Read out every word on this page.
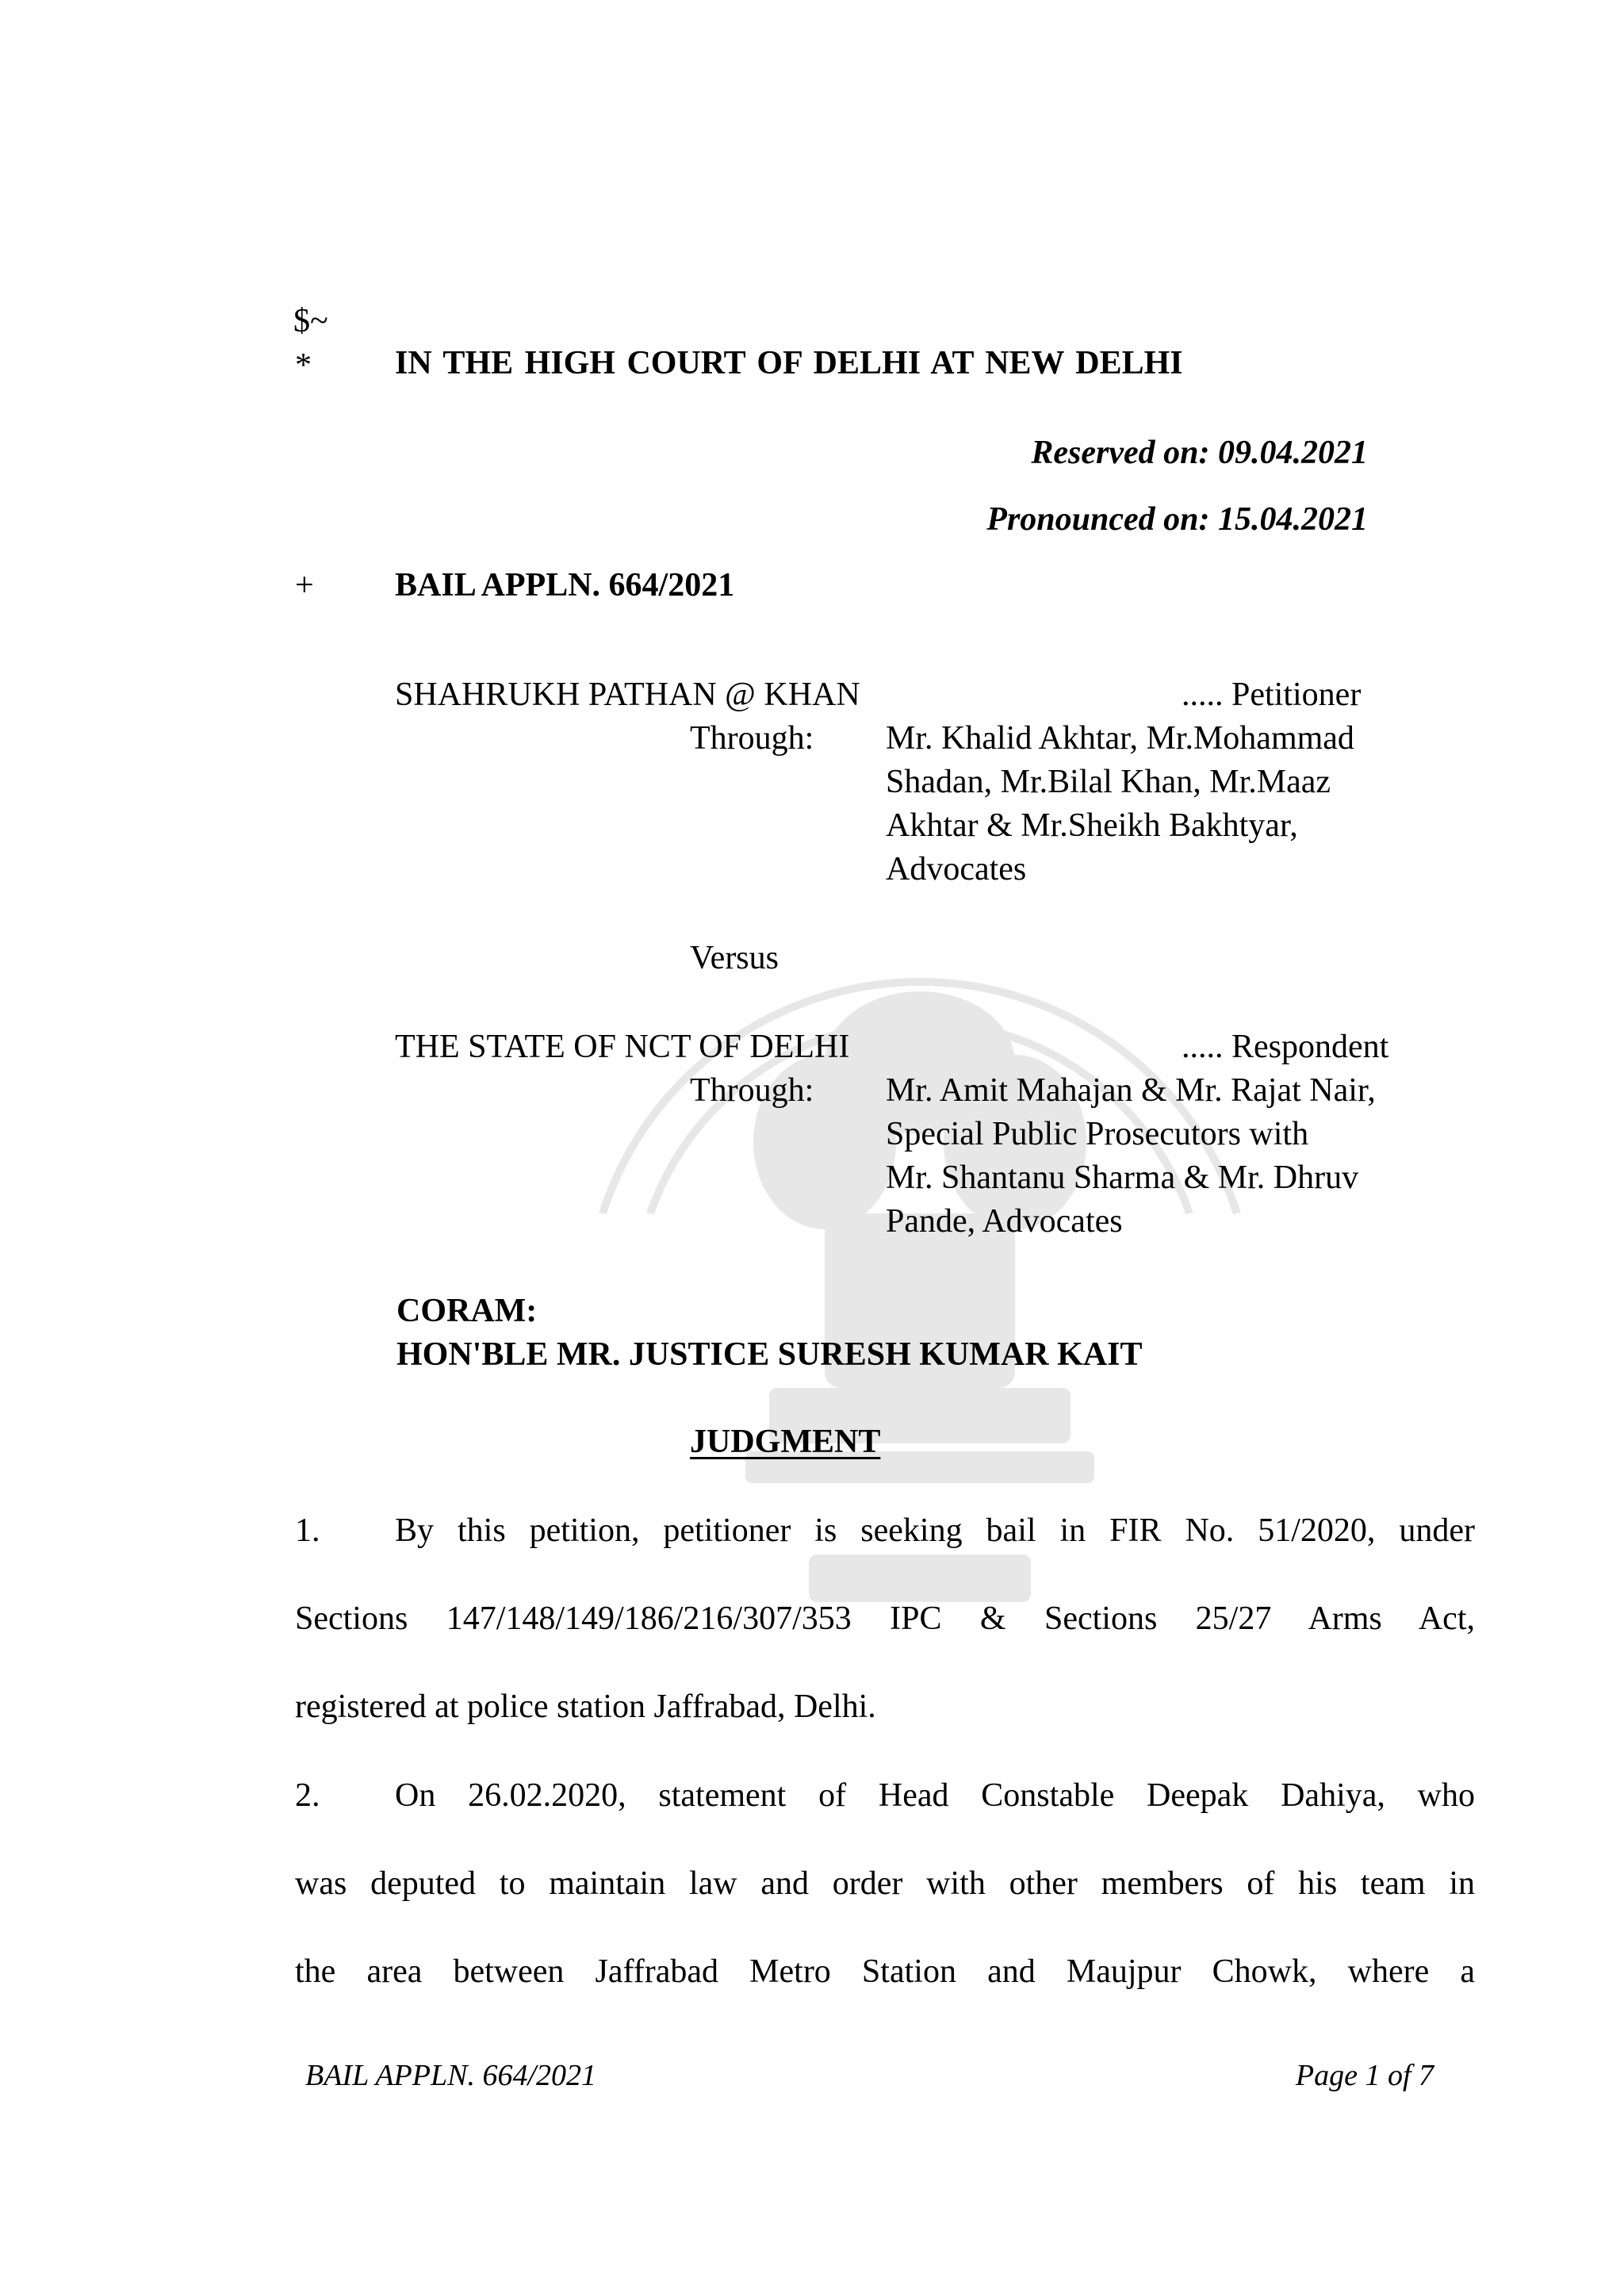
$~
*	IN THE HIGH COURT OF DELHI AT NEW DELHI
Reserved on: 09.04.2021
Pronounced on: 15.04.2021
+ BAIL APPLN. 664/2021
SHAHRUKH PATHAN @ KHAN	..... Petitioner
Through: Mr. Khalid Akhtar, Mr.Mohammad
Shadan, Mr.Bilal Khan, Mr.Maaz
Akhtar & Mr.Sheikh Bakhtyar,
Advocates
Versus
THE STATE OF NCT OF DELHI	..... Respondent
Through: Mr. Amit Mahajan & Mr. Rajat Nair,
Special Public Prosecutors with
Mr. Shantanu Sharma & Mr. Dhruv
Pande, Advocates
CORAM:
HON'BLE MR. JUSTICE SURESH KUMAR KAIT
JUDGMENT
1. By this petition, petitioner is seeking bail in FIR No. 51/2020, under
Sections 147/148/149/186/216/307/353 IPC & Sections 25/27 Arms Act,
registered at police station Jaffrabad, Delhi.
2. On 26.02.2020, statement of Head Constable Deepak Dahiya, who
was deputed to maintain law and order with other members of his team in
the area between Jaffrabad Metro Station and Maujpur Chowk, where a
BAIL APPLN. 664/2021	Page 1 of 7
